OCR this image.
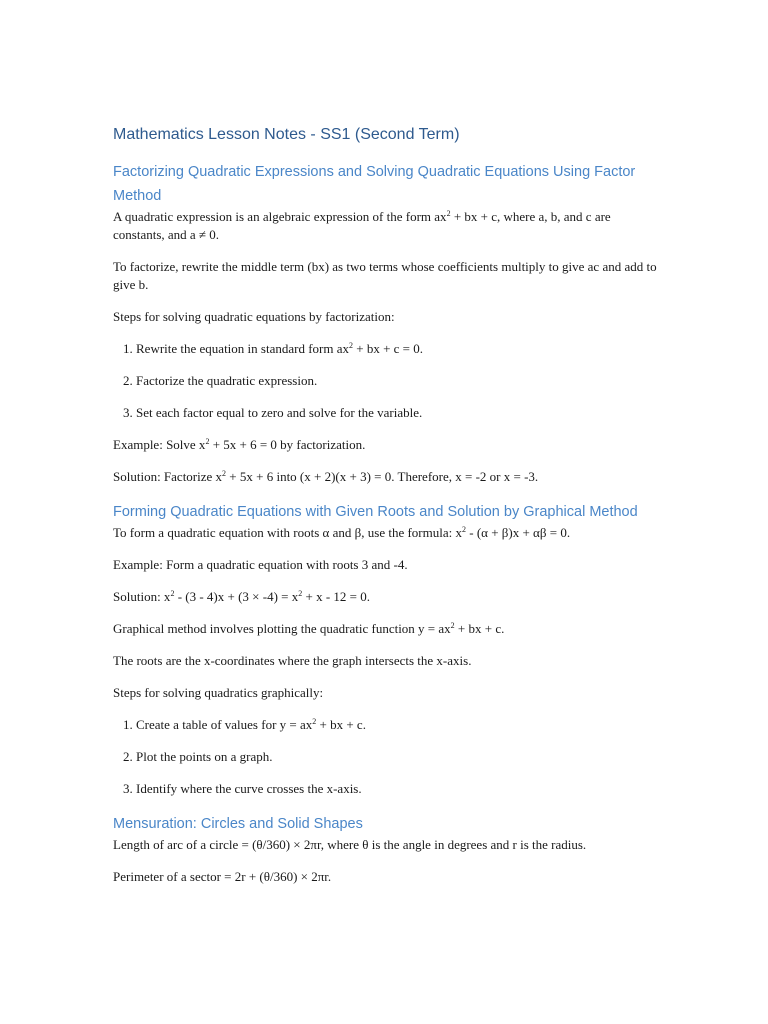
Mathematics Lesson Notes - SS1 (Second Term)
Factorizing Quadratic Expressions and Solving Quadratic Equations Using Factor Method

A quadratic expression is an algebraic expression of the form $ax^2$ + bx + c, where a, b, and c are constants, and a ≠ 0.

To factorize, rewrite the middle term (bx) as two terms whose coefficients multiply to give ac and add to give b.

Steps for solving quadratic equations by factorization:

1. Rewrite the equation in standard form $ax^2$ + bx + c = 0.
2. Factorize the quadratic expression.
3. Set each factor equal to zero and solve for the variable.

Example: Solve $x^2 + 5x + 6 = 0$ by factorization.

Solution: Factorize $x^2 + 5x + 6$ into (x + 2)(x + 3) = 0. Therefore, x = -2 or x = -3.

Forming Quadratic Equations with Given Roots and Solution by Graphical Method

To form a quadratic equation with roots α and β, use the formula: $x^2 - (\alpha + \beta)x + \alpha\beta = 0$.

Example: Form a quadratic equation with roots 3 and -4.

Solution: $x^2 - (3 - 4)x + (3 \times -4) = x^2 + x - 12 = 0$.

Graphical method involves plotting the quadratic function $y = ax^2$ + bx + c.

The roots are the x-coordinates where the graph intersects the x-axis.

Steps for solving quadratics graphically:

1. Create a table of values for $y = ax^2$ + bx + c.
2. Plot the points on a graph.
3. Identify where the curve crosses the x-axis.
Mensuration: Circles and Solid Shapes

Length of arc of a circle = (θ/360) × 2πr, where θ is the angle in degrees and r is the radius.

Perimeter of a sector = 2r + (θ/360) × 2πr.
